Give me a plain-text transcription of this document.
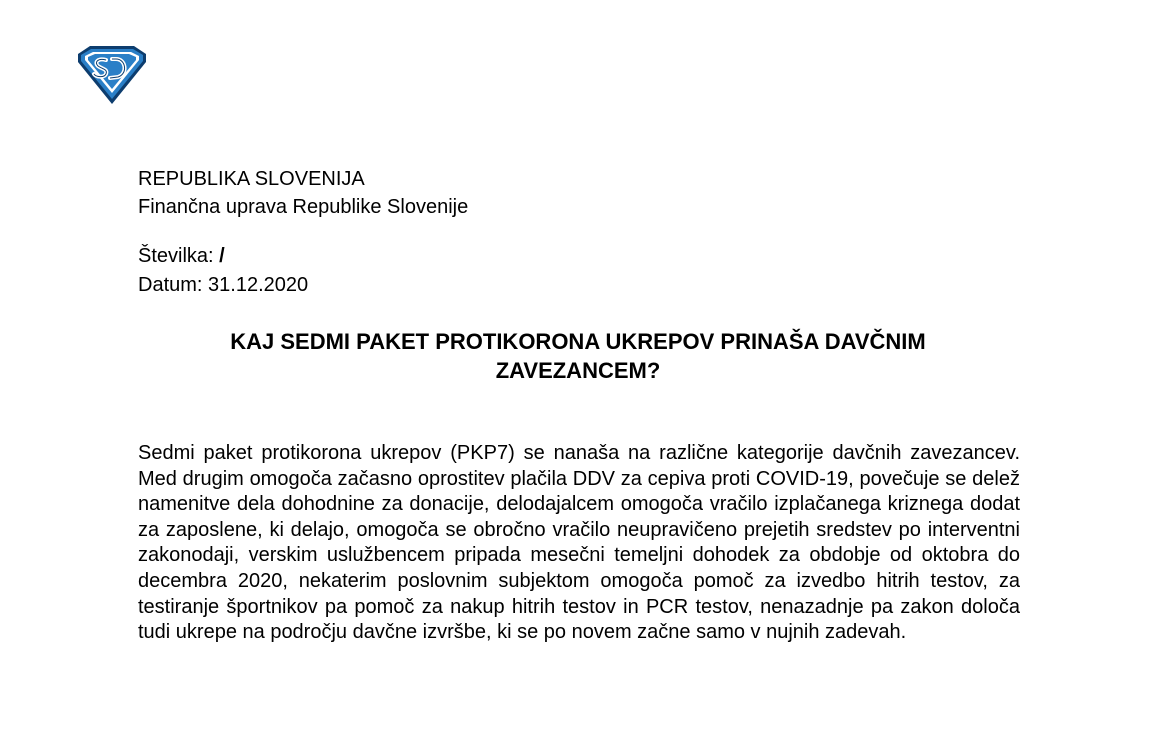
REPUBLIKA SLOVENIJA
Finančna uprava Republike Slovenije
Številka: /
Datum: 31.12.2020
KAJ SEDMI PAKET PROTIKORONA UKREPOV PRINAŠA DAVČNIM
ZAVEZANCEM?
Sedmi paket protikorona ukrepov (PKP7) se nanaša na različne kategorije davčnih zavezancev. Med drugim omogoča začasno oprostitev plačila DDV za cepiva proti COVID-19, povečuje se delež namenitve dela dohodnine za donacije, delodajalcem omogoča vračilo izplačanega kriznega dodat za zaposlene, ki delajo, omogoča se obročno vračilo neupravičeno prejetih sredstev po interventni zakonodaji, verskim uslužbencem pripada mesečni temeljni dohodek za obdobje od oktobra do decembra 2020, nekaterim poslovnim subjektom omogoča pomoč za izvedbo hitrih testov, za testiranje športnikov pa pomoč za nakup hitrih testov in PCR testov, nenazadnje pa zakon določa tudi ukrepe na področju davčne izvršbe, ki se po novem začne samo v nujnih zadevah.
